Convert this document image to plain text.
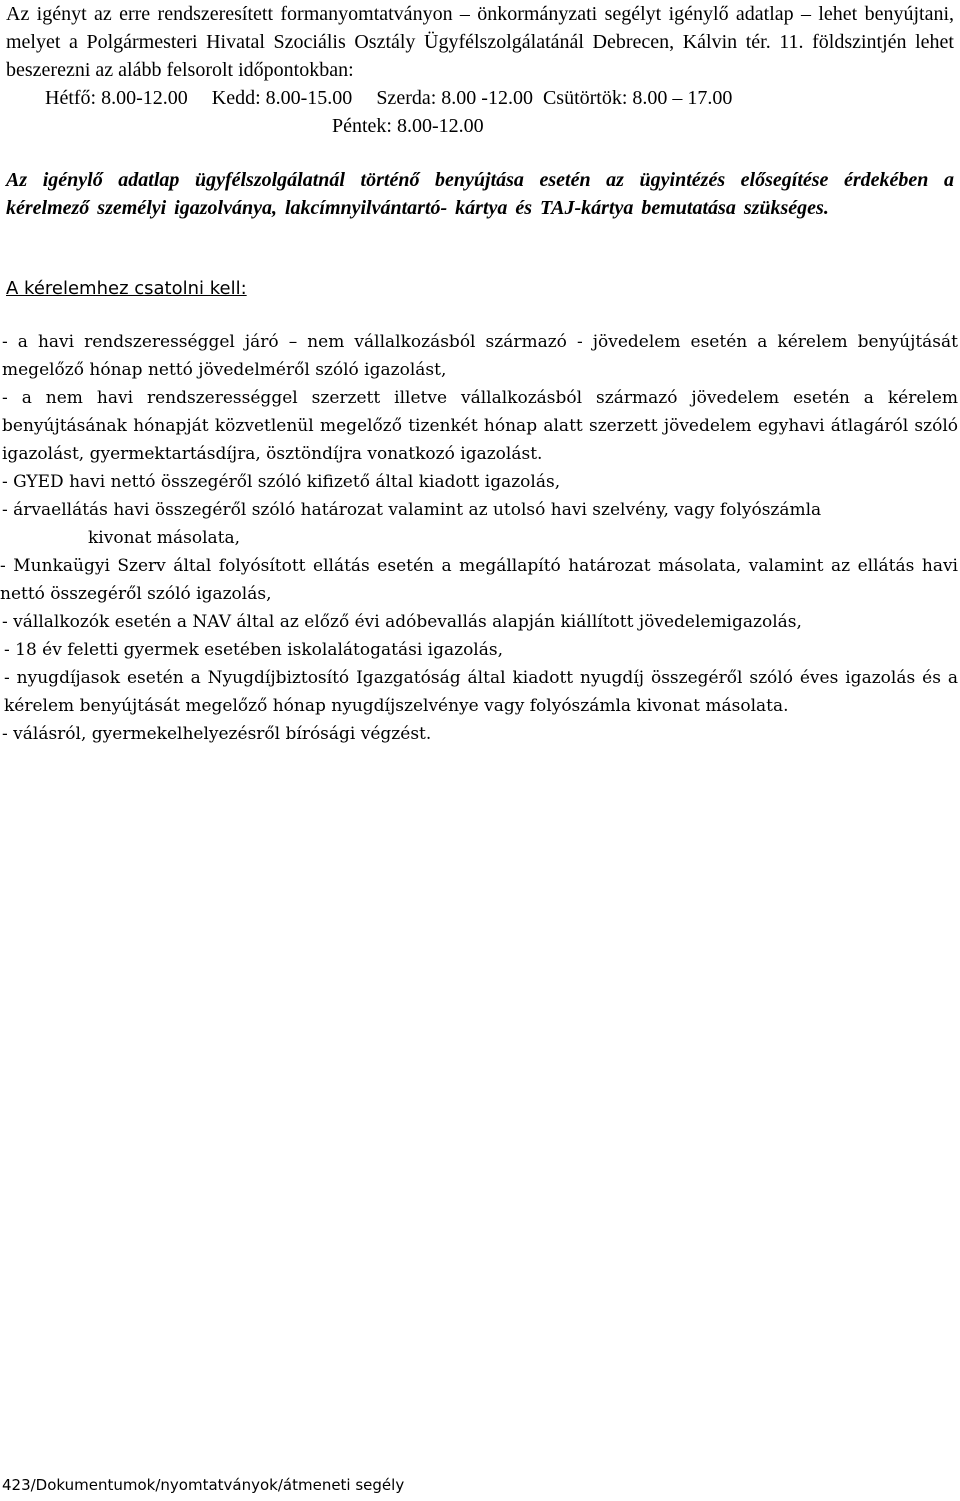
Az igényt az erre rendszeresített formanyomtatványon – önkormányzati segélyt igénylő adatlap – lehet benyújtani, melyet a Polgármesteri Hivatal Szociális Osztály Ügyfélszolgálatánál Debrecen, Kálvin tér. 11. földszintjén lehet beszerezni az alább felsorolt időpontokban:

Hétfő: 8.00-12.00 Kedd: 8.00-15.00 Szerda: 8.00 -12.00 Csütörtök: 8.00 – 17.00
Péntek: 8.00-12.00

Az igénylő adatlap ügyfélszolgálatnál történő benyújtása esetén az ügyintézés elősegítése érdekében a kérelmező személyi igazolványa, lakcímnyilvántartó- kártya és TAJ-kártya bemutatása szükséges.

A kérelemhez csatolni kell:
- a havi rendszerességgel járó – nem vállalkozásból származó - jövedelem esetén a kérelem benyújtását megelőző hónap nettó jövedelméről szóló igazolást,
- a nem havi rendszerességgel szerzett illetve vállalkozásból származó jövedelem esetén a kérelem benyújtásának hónapját közvetlenül megelőző tizenkét hónap alatt szerzett jövedelem egyhavi átlagáról szóló igazolást, gyermektartásdíjra, ösztöndíjra vonatkozó igazolást.
- GYED havi nettó összegéről szóló kifizető által kiadott igazolás,
- árvaellátás havi összegéről szóló határozat valamint az utolsó havi szelvény, vagy folyószámla
kivonat másolata,
- Munkaügyi Szerv által folyósított ellátás esetén a megállapító határozat másolata, valamint az ellátás havi nettó összegéről szóló igazolás,
- vállalkozók esetén a NAV által az előző évi adóbevallás alapján kiállított jövedelemigazolás,
- 18 év feletti gyermek esetében iskolalátogatási igazolás,
- nyugdíjasok esetén a Nyugdíjbiztosító Igazgatóság által kiadott nyugdíj összegéről szóló éves igazolás és a kérelem benyújtását megelőző hónap nyugdíjszelvénye vagy folyószámla kivonat másolata.
- válásról, gyermekelhelyezésről bírósági végzést.
423/Dokumentumok/nyomtatványok/átmeneti segély
